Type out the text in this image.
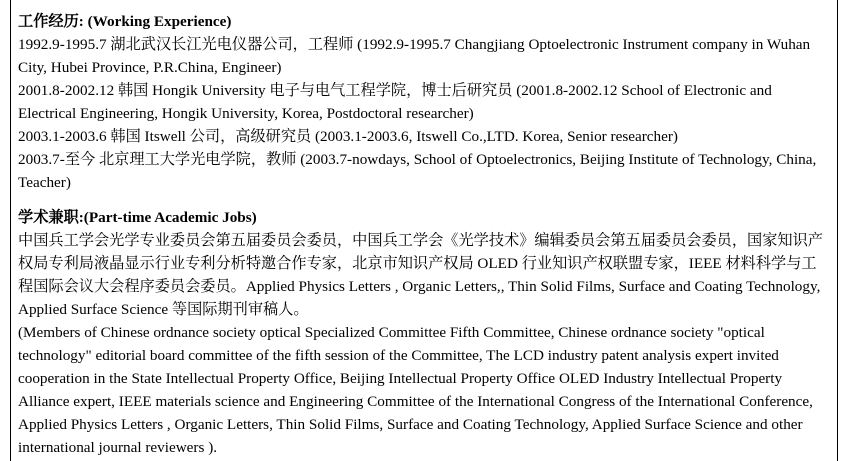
工作经历: (Working Experience)
1992.9-1995.7 湖北武汉长江光电仪器公司，工程师 (1992.9-1995.7 Changjiang Optoelectronic Instrument company in Wuhan City, Hubei Province, P.R.China, Engineer)
2001.8-2002.12 韩国 Hongik University 电子与电气工程学院，博士后研究员 (2001.8-2002.12 School of Electronic and Electrical Engineering, Hongik University, Korea, Postdoctoral researcher)
2003.1-2003.6 韩国 Itswell 公司，高级研究员 (2003.1-2003.6, Itswell Co.,LTD. Korea, Senior researcher)
2003.7-至今 北京理工大学光电学院，教师 (2003.7-nowdays, School of Optoelectronics, Beijing Institute of Technology, China, Teacher)
学术兼职:(Part-time Academic Jobs)
中国兵工学会光学专业委员会第五届委员会委员，中国兵工学会《光学技术》编辑委员会第五届委员会委员，国家知识产权局专利局液晶显示行业专利分析特邀合作专家，北京市知识产权局 OLED 行业知识产权联盟专家，IEEE 材料科学与工程国际会议大会程序委员会委员。Applied Physics Letters , Organic Letters,, Thin Solid Films, Surface and Coating Technology, Applied Surface Science 等国际期刊审稿人。
(Members of Chinese ordnance society optical Specialized Committee Fifth Committee, Chinese ordnance society "optical technology" editorial board committee of the fifth session of the Committee, The LCD industry patent analysis expert invited cooperation in the State Intellectual Property Office, Beijing Intellectual Property Office OLED Industry Intellectual Property Alliance expert, IEEE materials science and Engineering Committee of the International Congress of the International Conference, Applied Physics Letters , Organic Letters, Thin Solid Films, Surface and Coating Technology, Applied Surface Science and other international journal reviewers ).
